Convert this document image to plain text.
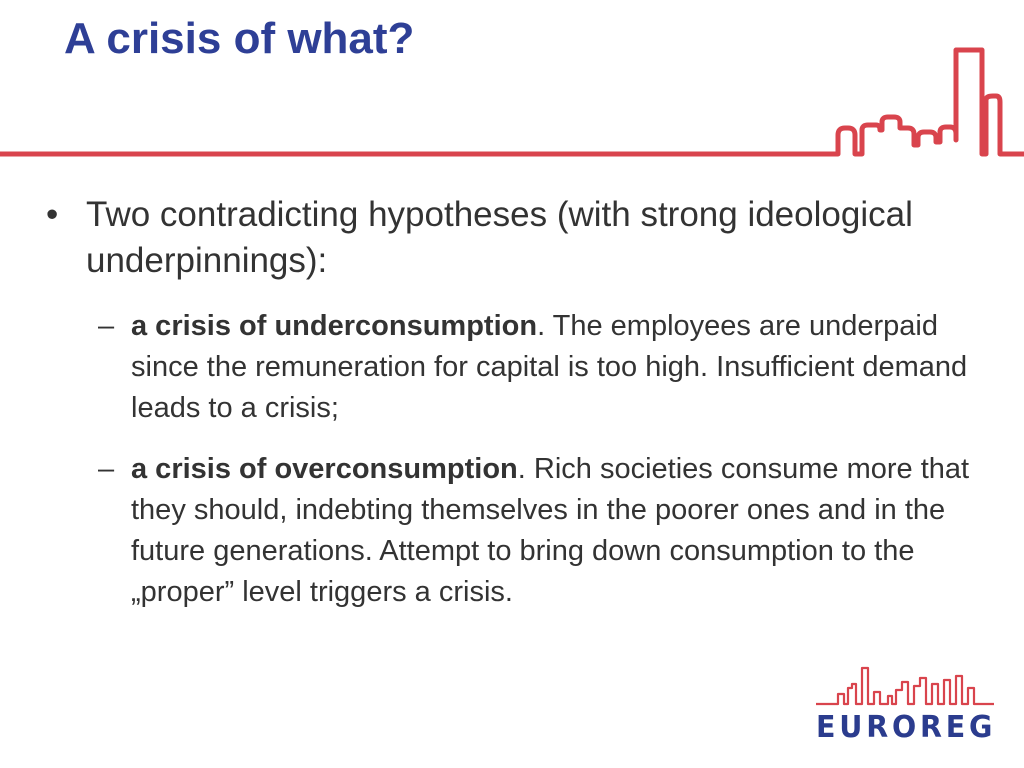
A crisis of what?
• Two contradicting hypotheses (with strong ideological underpinnings):
– a crisis of underconsumption. The employees are underpaid since the remuneration for capital is too high. Insufficient demand leads to a crisis;
– a crisis of overconsumption. Rich societies consume more that they should, indebting themselves in the poorer ones and in the future generations. Attempt to bring down consumption to the „proper” level triggers a crisis.
EUROREG
